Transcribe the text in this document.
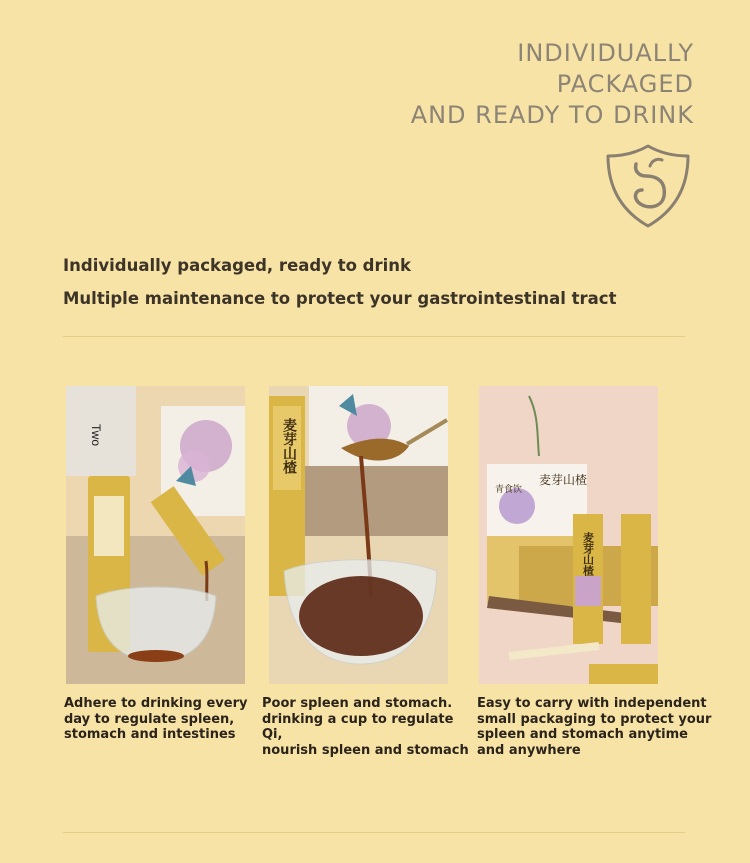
INDIVIDUALLY
PACKAGED
AND READY TO DRINK
Individually packaged, ready to drink
Multiple maintenance to protect your gastrointestinal tract
Two	麦芽山楂
青食饮
麦芽山楂
麦芽山楂
Adhere to drinking every
day to regulate spleen,
stomach and intestines
Poor spleen and stomach.
drinking a cup to regulate Qi,
nourish spleen and stomach
Easy to carry with independent
small packaging to protect your
spleen and stomach anytime
and anywhere
